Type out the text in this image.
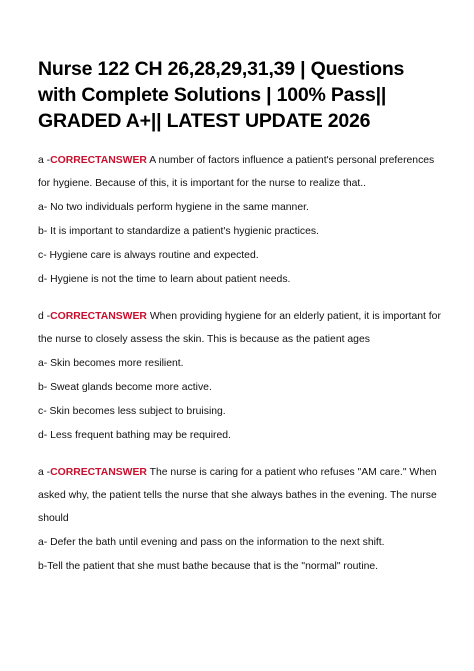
Nurse 122 CH 26,28,29,31,39 | Questions
with Complete Solutions | 100% Pass||
GRADED A+|| LATEST UPDATE 2026
a -CORRECTANSWER A number of factors influence a patient's personal preferences
for hygiene. Because of this, it is important for the nurse to realize that..
a- No two individuals perform hygiene in the same manner.
b- It is important to standardize a patient's hygienic practices.
c- Hygiene care is always routine and expected.
d- Hygiene is not the time to learn about patient needs.
d -CORRECTANSWER When providing hygiene for an elderly patient, it is important for
the nurse to closely assess the skin. This is because as the patient ages
a- Skin becomes more resilient.
b- Sweat glands become more active.
c- Skin becomes less subject to bruising.
d- Less frequent bathing may be required.
a -CORRECTANSWER The nurse is caring for a patient who refuses "AM care." When
asked why, the patient tells the nurse that she always bathes in the evening. The nurse
should
a- Defer the bath until evening and pass on the information to the next shift.
b-Tell the patient that she must bathe because that is the "normal" routine.
